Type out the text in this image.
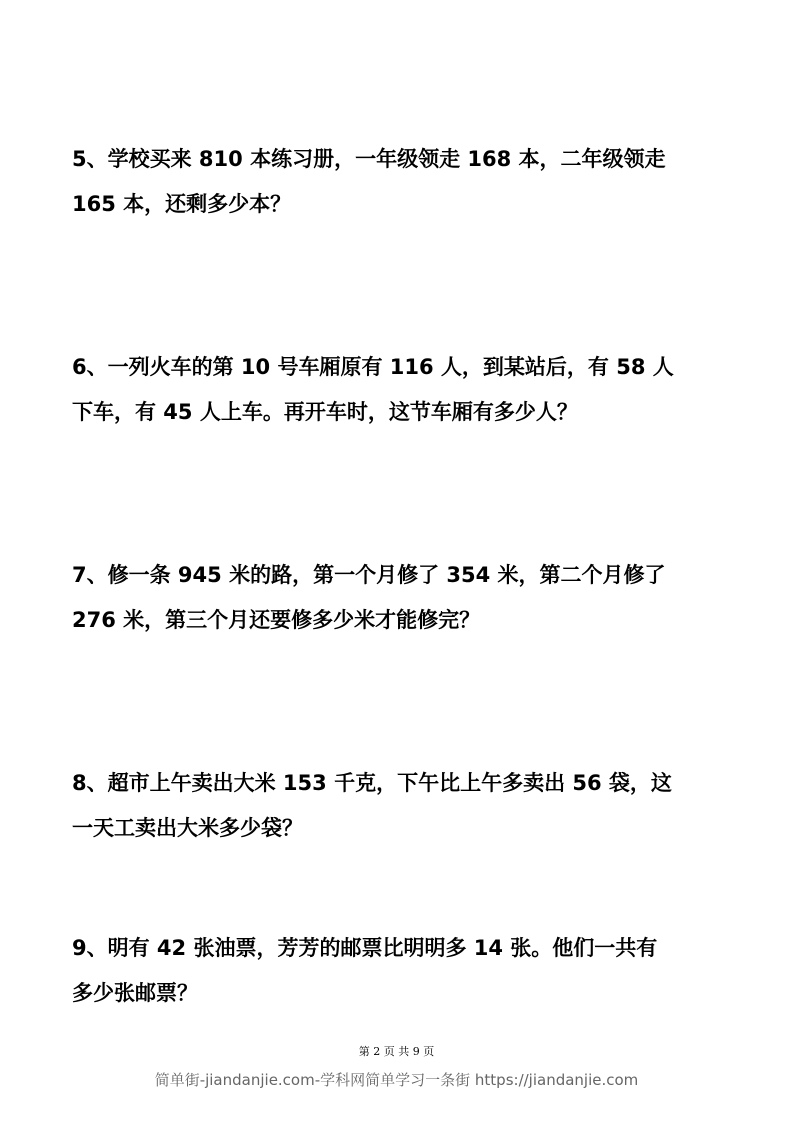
5、学校买来 810 本练习册，一年级领走 168 本，二年级领走
165 本，还剩多少本？
6、一列火车的第 10 号车厢原有 116 人，到某站后，有 58 人
下车，有 45 人上车。再开车时，这节车厢有多少人？
7、修一条 945 米的路，第一个月修了 354 米，第二个月修了
276 米，第三个月还要修多少米才能修完？
8、超市上午卖出大米 153 千克，下午比上午多卖出 56 袋，这
一天工卖出大米多少袋？
9、明有 42 张油票，芳芳的邮票比明明多 14 张。他们一共有
多少张邮票？
第 2 页 共 9 页
简单街-jiandanjie.com-学科网简单学习一条街 https://jiandanjie.com
